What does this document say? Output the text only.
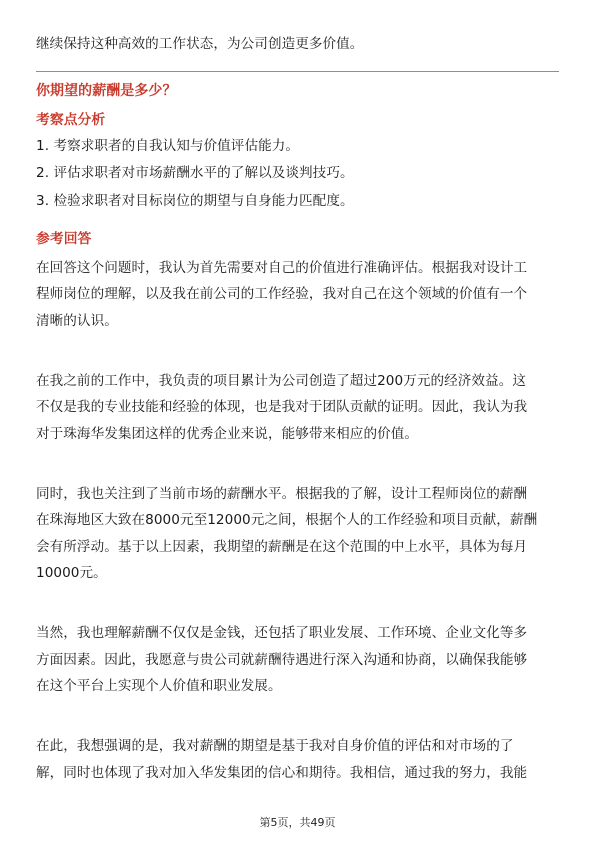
继续保持这种高效的工作状态，为公司创造更多价值。
你期望的薪酬是多少？
考察点分析
1. 考察求职者的自我认知与价值评估能力。
2. 评估求职者对市场薪酬水平的了解以及谈判技巧。
3. 检验求职者对目标岗位的期望与自身能力匹配度。
参考回答
在回答这个问题时，我认为首先需要对自己的价值进行准确评估。根据我对设计工
程师岗位的理解，以及我在前公司的工作经验，我对自己在这个领域的价值有一个
清晰的认识。
在我之前的工作中，我负责的项目累计为公司创造了超过200万元的经济效益。这
不仅是我的专业技能和经验的体现，也是我对于团队贡献的证明。因此，我认为我
对于珠海华发集团这样的优秀企业来说，能够带来相应的价值。
同时，我也关注到了当前市场的薪酬水平。根据我的了解，设计工程师岗位的薪酬
在珠海地区大致在8000元至12000元之间，根据个人的工作经验和项目贡献，薪酬
会有所浮动。基于以上因素，我期望的薪酬是在这个范围的中上水平，具体为每月
10000元。
当然，我也理解薪酬不仅仅是金钱，还包括了职业发展、工作环境、企业文化等多
方面因素。因此，我愿意与贵公司就薪酬待遇进行深入沟通和协商，以确保我能够
在这个平台上实现个人价值和职业发展。
在此，我想强调的是，我对薪酬的期望是基于我对自身价值的评估和对市场的了
解，同时也体现了我对加入华发集团的信心和期待。我相信，通过我的努力，我能
第5页，共49页
